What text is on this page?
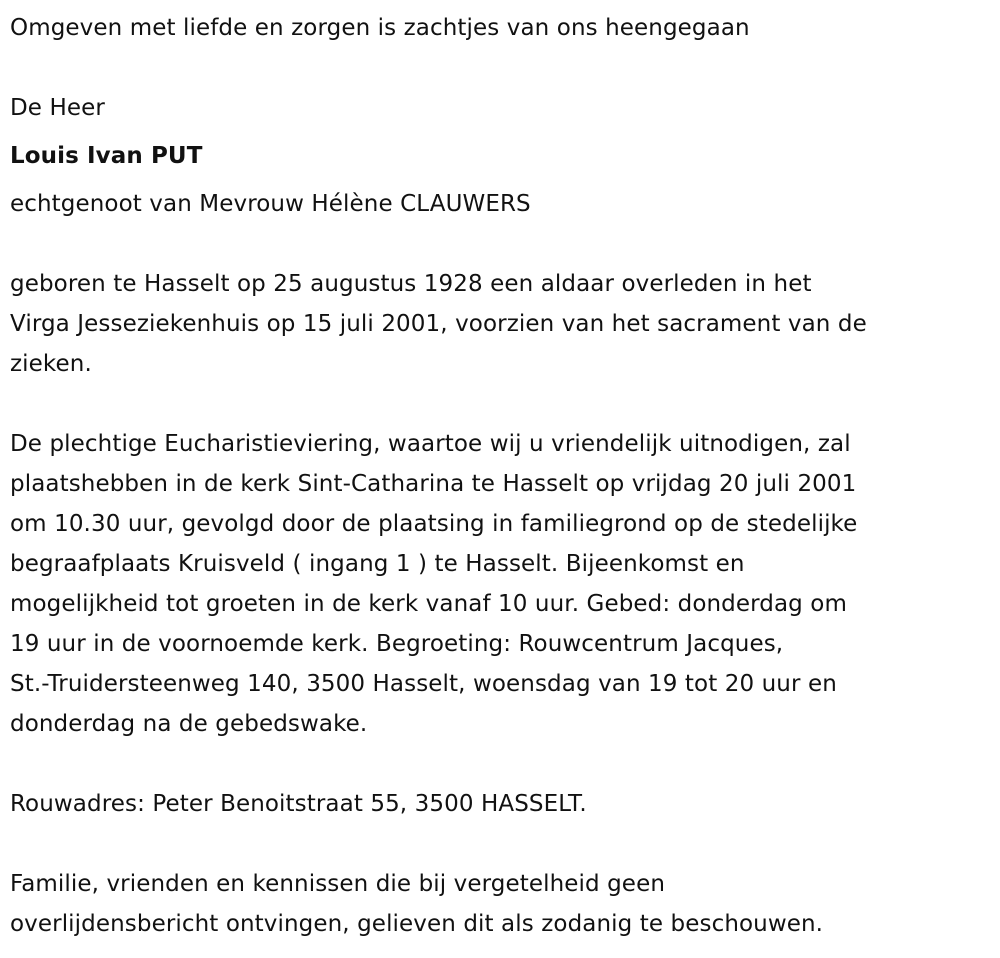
Omgeven met liefde en zorgen is zachtjes van ons heengegaan

De Heer

Louis Ivan PUT

echtgenoot van Mevrouw Hélène CLAUWERS

geboren te Hasselt op 25 augustus 1928 een aldaar overleden in het
Virga Jesseziekenhuis op 15 juli 2001, voorzien van het sacrament van de
zieken.

De plechtige Eucharistieviering, waartoe wij u vriendelijk uitnodigen, zal
plaatshebben in de kerk Sint-Catharina te Hasselt op vrijdag 20 juli 2001
om 10.30 uur, gevolgd door de plaatsing in familiegrond op de stedelijke
begraafplaats Kruisveld ( ingang 1 ) te Hasselt. Bijeenkomst en
mogelijkheid tot groeten in de kerk vanaf 10 uur. Gebed: donderdag om
19 uur in de voornoemde kerk. Begroeting: Rouwcentrum Jacques,
St.-Truidersteenweg 140, 3500 Hasselt, woensdag van 19 tot 20 uur en
donderdag na de gebedswake.

Rouwadres: Peter Benoitstraat 55, 3500 HASSELT.

Familie, vrienden en kennissen die bij vergetelheid geen
overlijdensbericht ontvingen, gelieven dit als zodanig te beschouwen.
